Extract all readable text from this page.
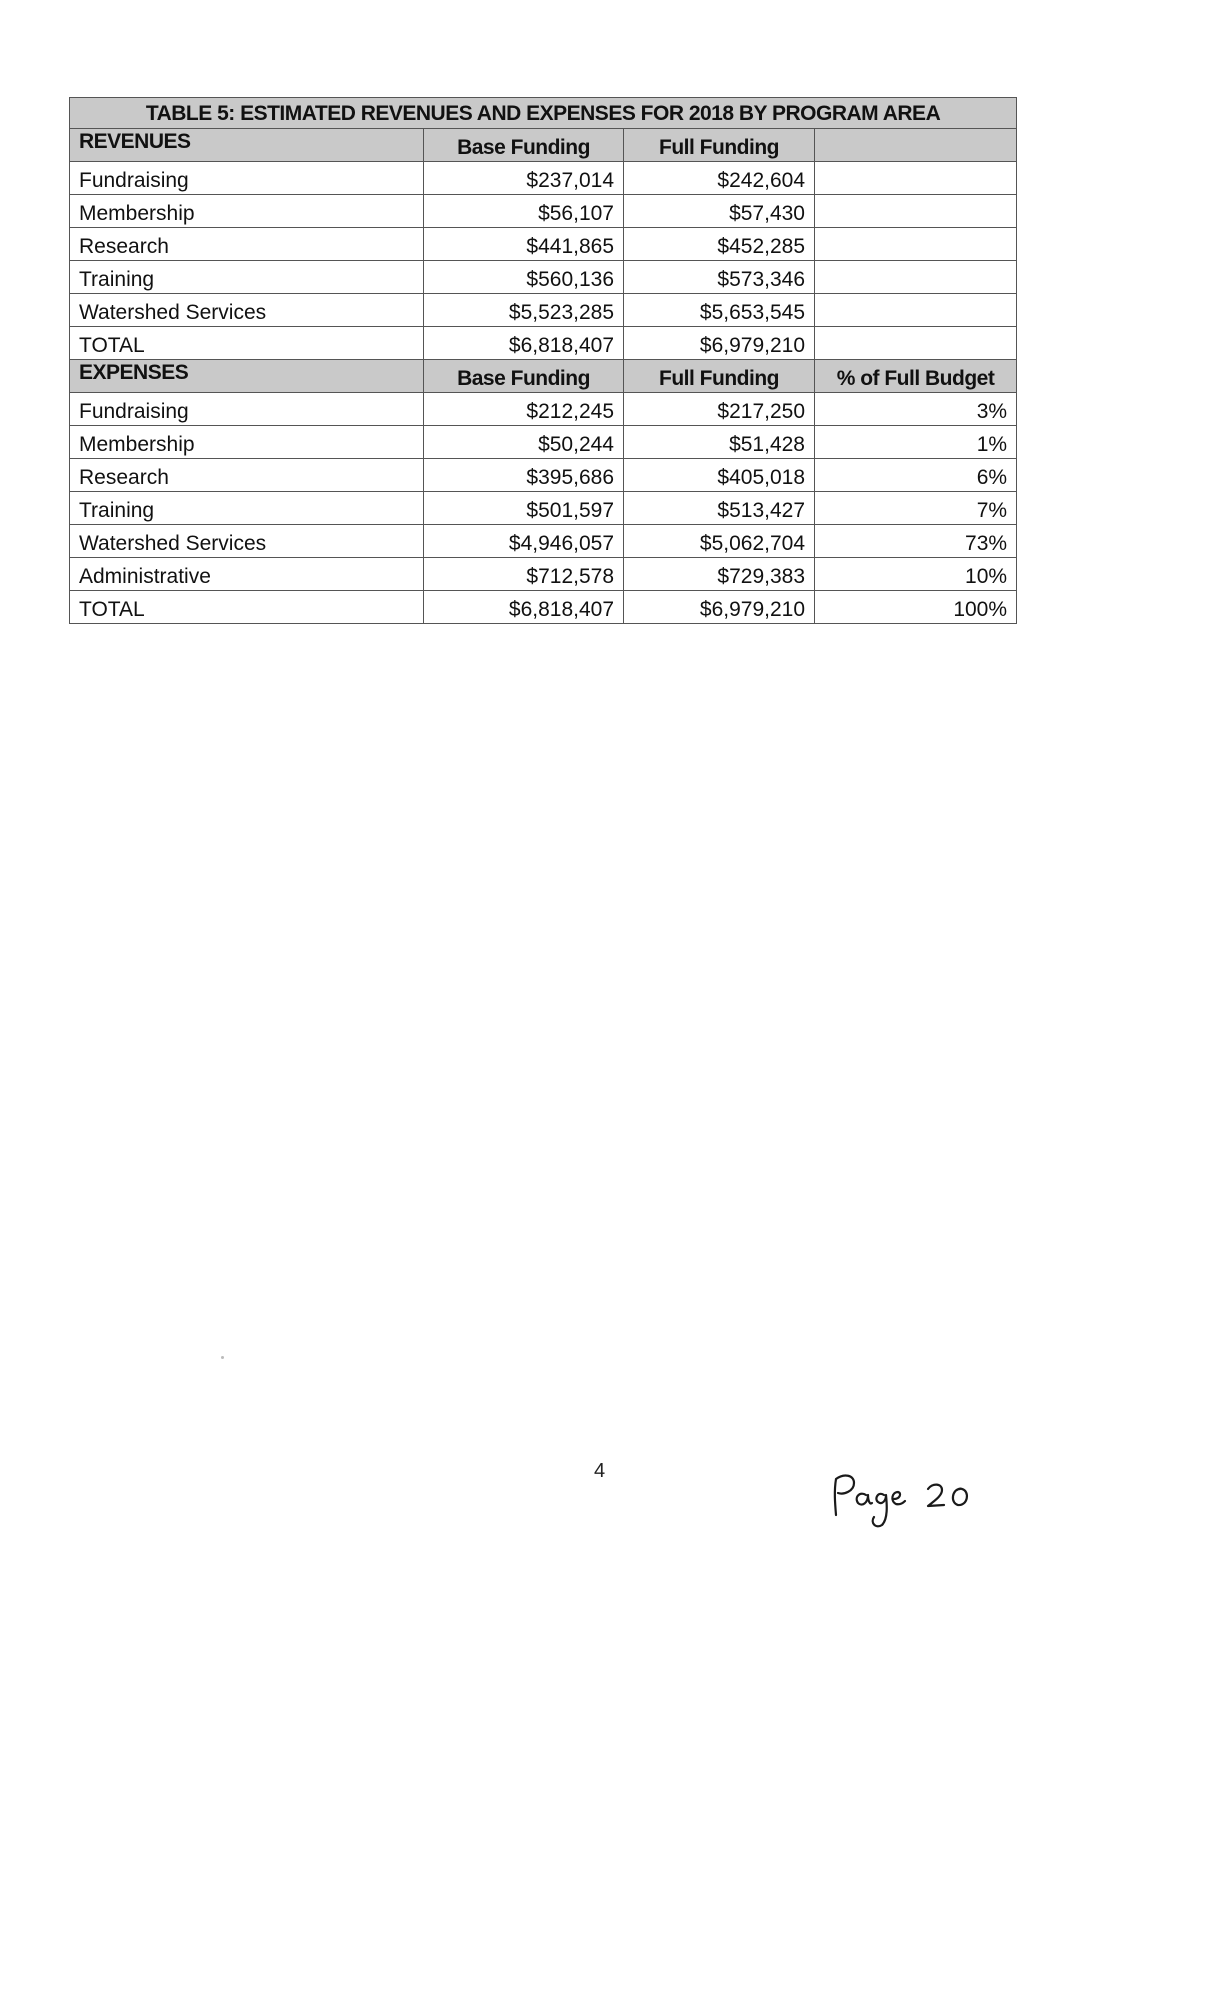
TABLE 5: ESTIMATED REVENUES AND EXPENSES FOR 2018 BY PROGRAM AREA			
REVENUES	Base Funding	Full Funding	
Fundraising	$237,014	$242,604	
Membership	$56,107	$57,430	
Research	$441,865	$452,285	
Training	$560,136	$573,346	
Watershed Services	$5,523,285	$5,653,545	
TOTAL	$6,818,407	$6,979,210	
EXPENSES	Base Funding	Full Funding	% of Full Budget
Fundraising	$212,245	$217,250	3%
Membership	$50,244	$51,428	1%
Research	$395,686	$405,018	6%
Training	$501,597	$513,427	7%
Watershed Services	$4,946,057	$5,062,704	73%
Administrative	$712,578	$729,383	10%
TOTAL	$6,818,407	$6,979,210	100%
4
